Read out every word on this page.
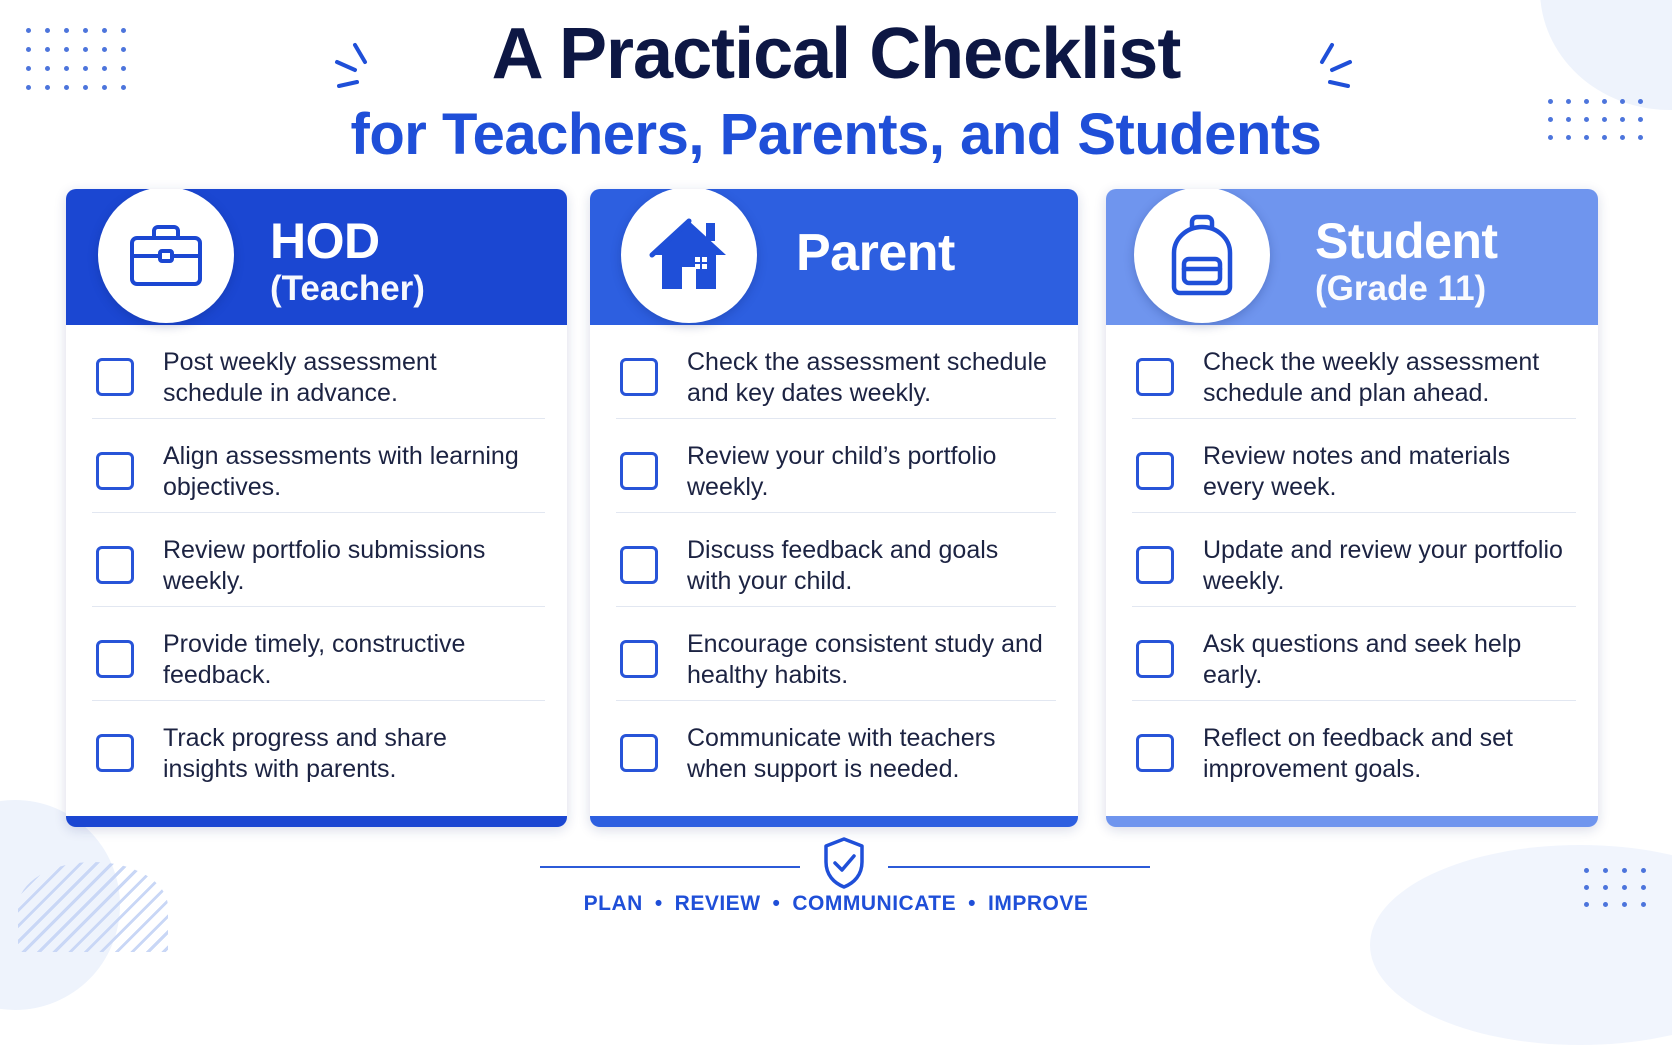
A Practical Checklist
for Teachers, Parents, and Students
HOD
(Teacher)
Post weekly assessment schedule in advance.
Align assessments with learning objectives.
Review portfolio submissions weekly.
Provide timely, constructive feedback.
Track progress and share insights with parents.
Parent
Check the assessment schedule and key dates weekly.
Review your child’s portfolio weekly.
Discuss feedback and goals with your child.
Encourage consistent study and healthy habits.
Communicate with teachers when support is needed.
Student
(Grade 11)
Check the weekly assessment schedule and plan ahead.
Review notes and materials every week.
Update and review your portfolio weekly.
Ask questions and seek help early.
Reflect on feedback and set improvement goals.
PLAN • REVIEW • COMMUNICATE • IMPROVE
